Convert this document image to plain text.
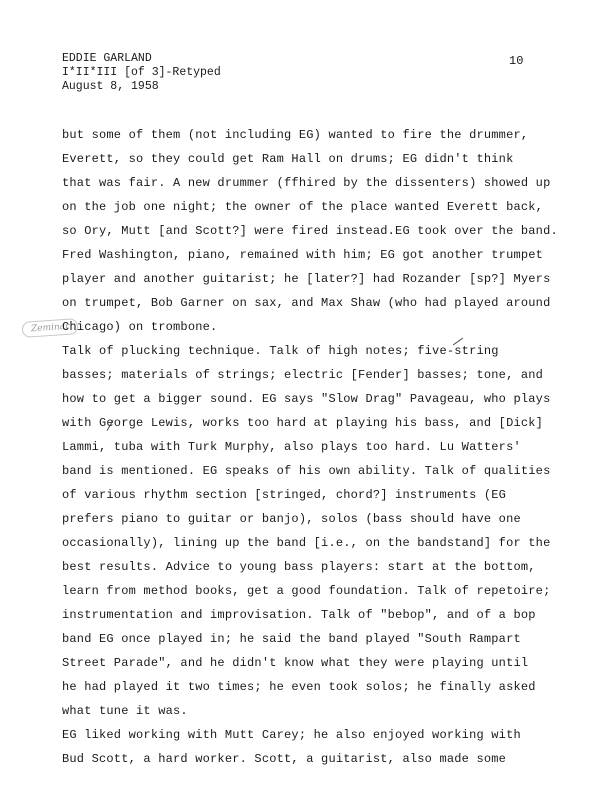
EDDIE GARLAND
I*II*III [of 3]-Retyped
August 8, 1958
10
Zeminar
but some of them (not including EG) wanted to fire the drummer,
Everett, so they could get Ram Hall on drums; EG didn't think
that was fair. A new drummer (ffhired by the dissenters) showed up
on the job one night; the owner of the place wanted Everett back,
so Ory, Mutt [and Scott?] were fired instead.EG took over the band.
Fred Washington, piano, remained with him; EG got another trumpet
player and another guitarist; he [later?] had Rozander [sp?] Myers
on trumpet, Bob Garner on sax, and Max Shaw (who had played around
Chicago) on trombone.
Talk of plucking technique. Talk of high notes; five-string
basses; materials of strings; electric [Fender] basses; tone, and
how to get a bigger sound. EG says "Slow Drag" Pavageau, who plays
with George Lewis, works too hard at playing his bass, and [Dick]
Lammi, tuba with Turk Murphy, also plays too hard. Lu Watters'
band is mentioned. EG speaks of his own ability. Talk of qualities
of various rhythm section [stringed, chord?] instruments (EG
prefers piano to guitar or banjo), solos (bass should have one
occasionally), lining up the band [i.e., on the bandstand] for the
best results. Advice to young bass players: start at the bottom,
learn from method books, get a good foundation. Talk of repetoire;
instrumentation and improvisation. Talk of "bebop", and of a bop
band EG once played in; he said the band played "South Rampart
Street Parade", and he didn't know what they were playing until
he had played it two times; he even took solos; he finally asked
what tune it was.
EG liked working with Mutt Carey; he also enjoyed working with
Bud Scott, a hard worker. Scott, a guitarist, also made some
